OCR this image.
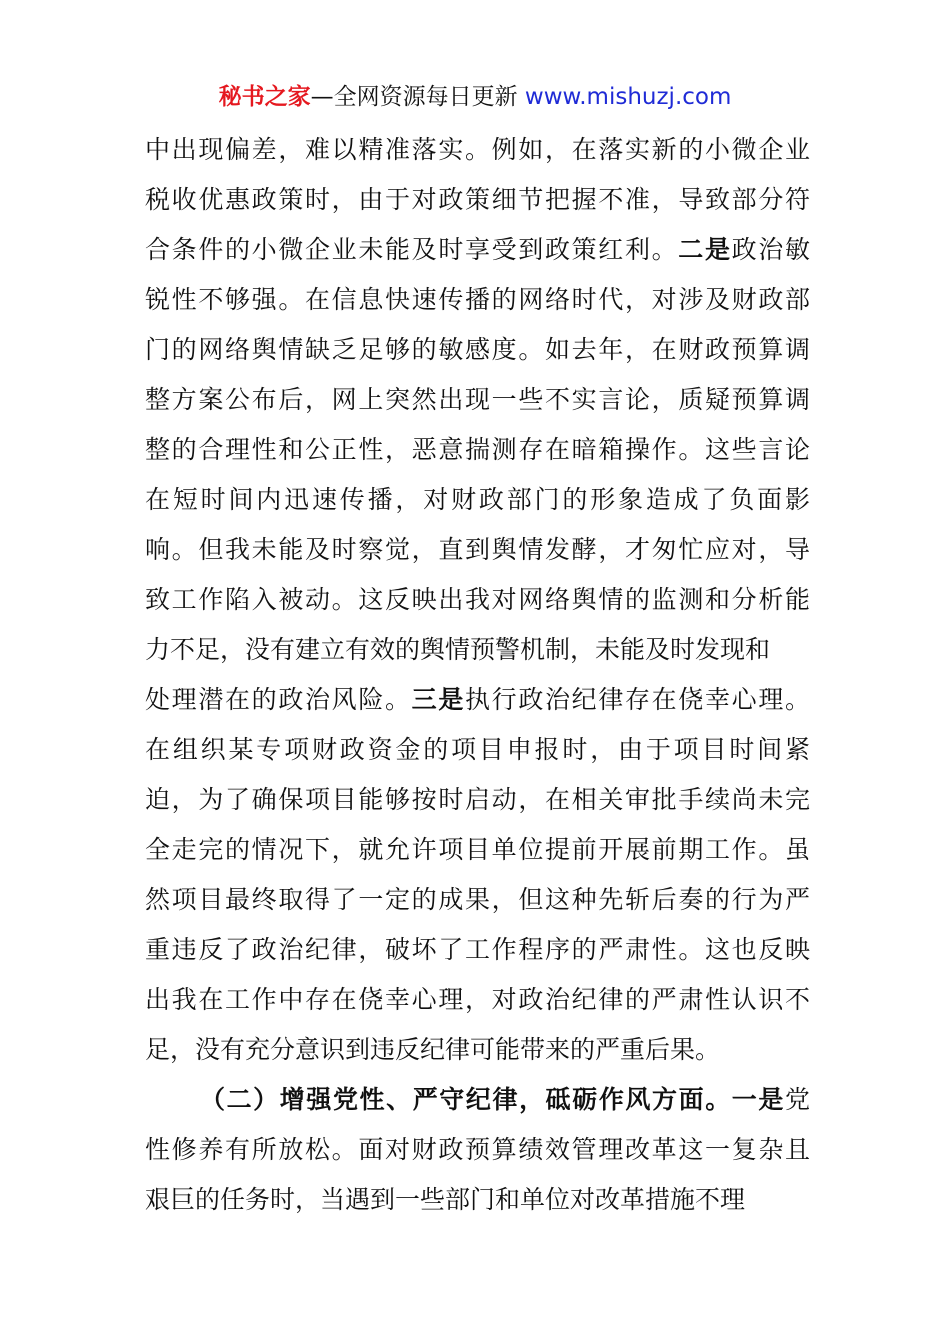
秘书之家—全网资源每日更新 www.mishuzj.com
中出现偏差，难以精准落实。例如，在落实新的小微企业
税收优惠政策时，由于对政策细节把握不准，导致部分符
合条件的小微企业未能及时享受到政策红利。二是政治敏
锐性不够强。在信息快速传播的网络时代，对涉及财政部
门的网络舆情缺乏足够的敏感度。如去年，在财政预算调
整方案公布后，网上突然出现一些不实言论，质疑预算调
整的合理性和公正性，恶意揣测存在暗箱操作。这些言论
在短时间内迅速传播，对财政部门的形象造成了负面影
响。但我未能及时察觉，直到舆情发酵，才匆忙应对，导
致工作陷入被动。这反映出我对网络舆情的监测和分析能
力不足，没有建立有效的舆情预警机制，未能及时发现和
处理潜在的政治风险。三是执行政治纪律存在侥幸心理。
在组织某专项财政资金的项目申报时，由于项目时间紧
迫，为了确保项目能够按时启动，在相关审批手续尚未完
全走完的情况下，就允许项目单位提前开展前期工作。虽
然项目最终取得了一定的成果，但这种先斩后奏的行为严
重违反了政治纪律，破坏了工作程序的严肃性。这也反映
出我在工作中存在侥幸心理，对政治纪律的严肃性认识不
足，没有充分意识到违反纪律可能带来的严重后果。
（二）增强党性、严守纪律，砥砺作风方面。一是党
性修养有所放松。面对财政预算绩效管理改革这一复杂且
艰巨的任务时，当遇到一些部门和单位对改革措施不理
